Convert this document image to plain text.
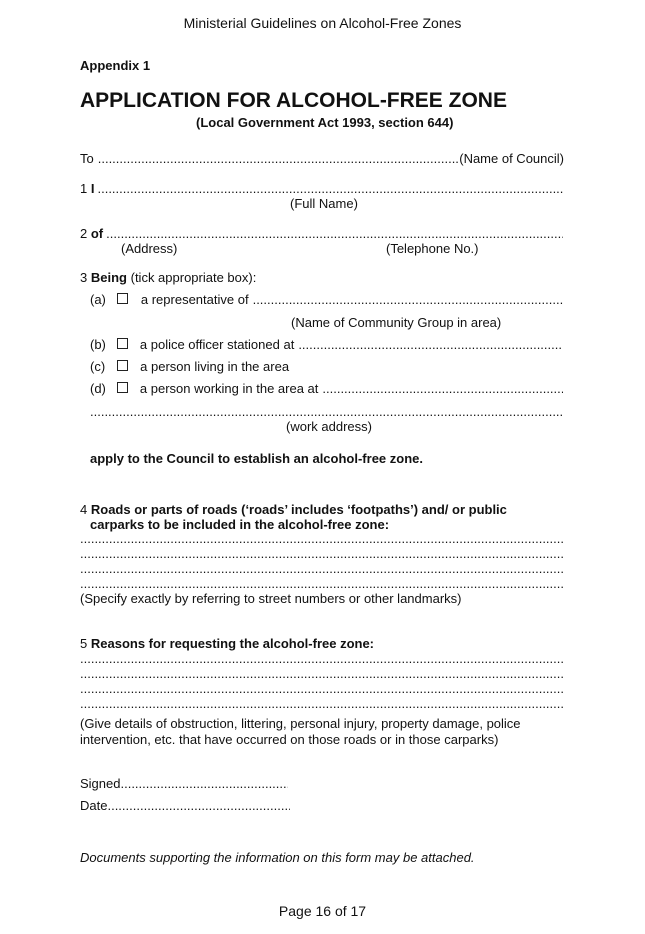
Ministerial Guidelines on Alcohol-Free Zones
Appendix 1
APPLICATION FOR ALCOHOL-FREE ZONE
(Local Government Act 1993, section 644)
To
.....	(Name of Council)
1
I
.....
(Full Name)
2
of
.....
(Address)	(Telephone No.)
3 Being (tick appropriate box):
(a)	a representative of
.....
(Name of Community Group in area)
(b)	a police officer stationed at
.....
(c)	a person living in the area
(d)	a person working in the area at
.....
.....
(work address)
apply to the Council to establish an alcohol-free zone.
4 Roads or parts of roads (‘roads’ includes ‘footpaths’) and/ or public
carparks to be included in the alcohol-free zone:
.....
.....
.....
.....
(Specify exactly by referring to street numbers or other landmarks)
5 Reasons for requesting the alcohol-free zone:
.....
.....
.....
.....
(Give details of obstruction, littering, personal injury, property damage, police
intervention, etc. that have occurred on those roads or in those carparks)
Signed
.....
Date
.....
Documents supporting the information on this form may be attached.
Page 16 of 17
